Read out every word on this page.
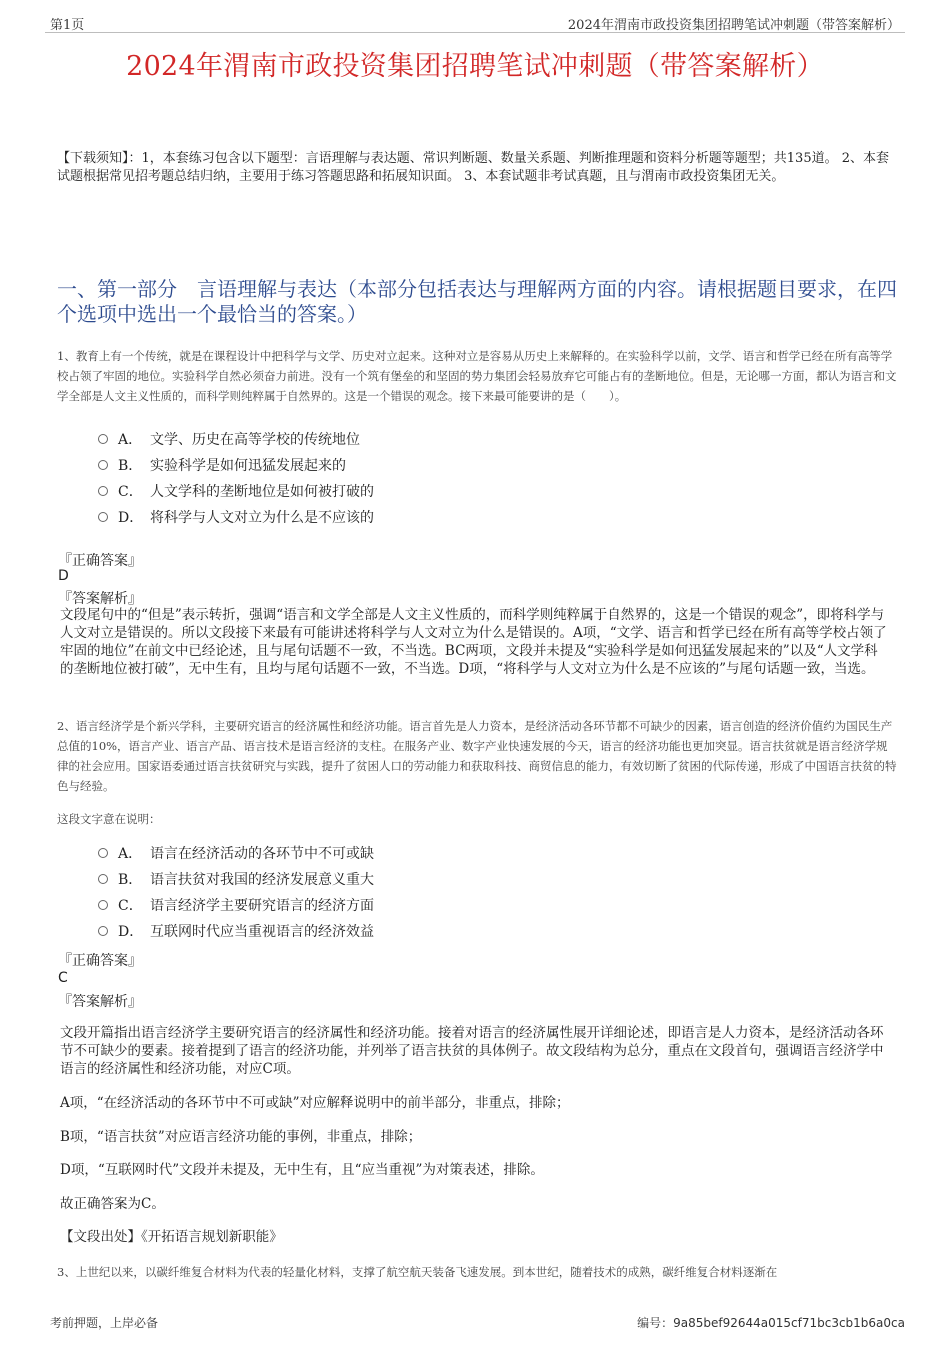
第1页	2024年渭南市政投资集团招聘笔试冲刺题（带答案解析）
2024年渭南市政投资集团招聘笔试冲刺题（带答案解析）
【下载须知】：1，本套练习包含以下题型：言语理解与表达题、常识判断题、数量关系题、判断推理题和资料分析题等题型；共135道。 2、本套试题根据常见招考题总结归纳，主要用于练习答题思路和拓展知识面。 3、本套试题非考试真题，且与渭南市政投资集团无关。
一、第一部分　言语理解与表达（本部分包括表达与理解两方面的内容。请根据题目要求，在四个选项中选出一个最恰当的答案。）
1、教育上有一个传统，就是在课程设计中把科学与文学、历史对立起来。这种对立是容易从历史上来解释的。在实验科学以前，文学、语言和哲学已经在所有高等学校占领了牢固的地位。实验科学自然必须奋力前进。没有一个筑有堡垒的和坚固的势力集团会轻易放弃它可能占有的垄断地位。但是，无论哪一方面，都认为语言和文学全部是人文主义性质的，而科学则纯粹属于自然界的。这是一个错误的观念。接下来最可能要讲的是（　　）。
A． 文学、历史在高等学校的传统地位
B． 实验科学是如何迅猛发展起来的
C． 人文学科的垄断地位是如何被打破的
D． 将科学与人文对立为什么是不应该的
『正确答案』
D
『答案解析』
文段尾句中的“但是”表示转折，强调“语言和文学全部是人文主义性质的，而科学则纯粹属于自然界的，这是一个错误的观念”，即将科学与人文对立是错误的。所以文段接下来最有可能讲述将科学与人文对立为什么是错误的。A项，“文学、语言和哲学已经在所有高等学校占领了牢固的地位”在前文中已经论述，且与尾句话题不一致，不当选。BC两项，文段并未提及“实验科学是如何迅猛发展起来的”以及“人文学科的垄断地位被打破”，无中生有，且均与尾句话题不一致，不当选。D项，“将科学与人文对立为什么是不应该的”与尾句话题一致，当选。
2、语言经济学是个新兴学科，主要研究语言的经济属性和经济功能。语言首先是人力资本，是经济活动各环节都不可缺少的因素，语言创造的经济价值约为国民生产总值的10%，语言产业、语言产品、语言技术是语言经济的支柱。在服务产业、数字产业快速发展的今天，语言的经济功能也更加突显。语言扶贫就是语言经济学规律的社会应用。国家语委通过语言扶贫研究与实践，提升了贫困人口的劳动能力和获取科技、商贸信息的能力，有效切断了贫困的代际传递，形成了中国语言扶贫的特色与经验。
这段文字意在说明：
A． 语言在经济活动的各环节中不可或缺
B． 语言扶贫对我国的经济发展意义重大
C． 语言经济学主要研究语言的经济方面
D． 互联网时代应当重视语言的经济效益
『正确答案』
C
『答案解析』
文段开篇指出语言经济学主要研究语言的经济属性和经济功能。接着对语言的经济属性展开详细论述，即语言是人力资本，是经济活动各环节不可缺少的要素。接着提到了语言的经济功能，并列举了语言扶贫的具体例子。故文段结构为总分，重点在文段首句，强调语言经济学中语言的经济属性和经济功能，对应C项。
A项，“在经济活动的各环节中不可或缺”对应解释说明中的前半部分，非重点，排除；
B项，“语言扶贫”对应语言经济功能的事例，非重点，排除；
D项，“互联网时代”文段并未提及，无中生有，且“应当重视”为对策表述，排除。
故正确答案为C。
【文段出处】《开拓语言规划新职能》
3、上世纪以来，以碳纤维复合材料为代表的轻量化材料，支撑了航空航天装备飞速发展。到本世纪，随着技术的成熟，碳纤维复合材料逐渐在
考前押题，上岸必备	编号：9a85bef92644a015cf71bc3cb1b6a0ca
